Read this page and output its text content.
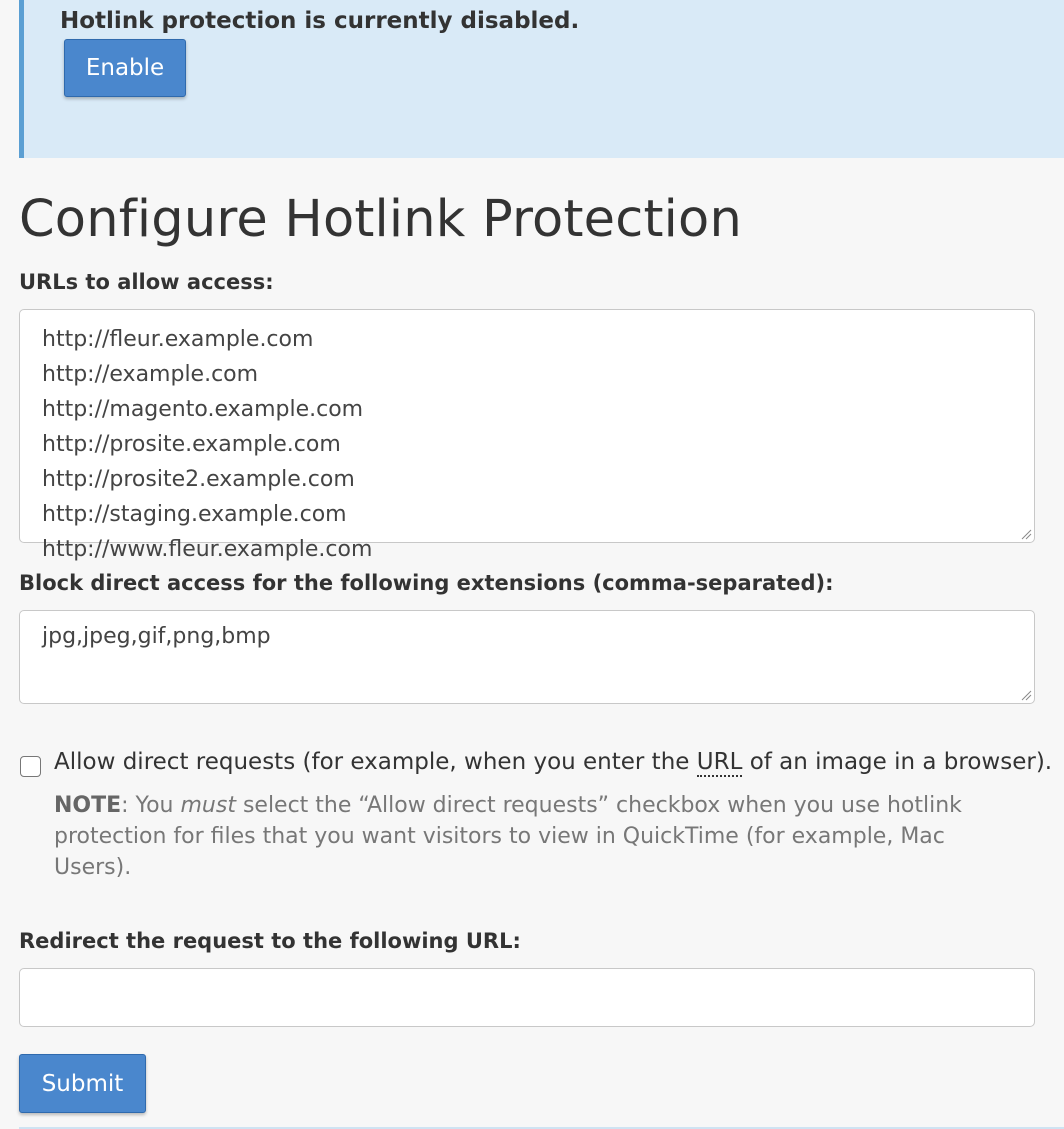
Hotlink protection is currently disabled.
Enable
Configure Hotlink Protection
URLs to allow access:
http://fleur.example.com
http://example.com
http://magento.example.com
http://prosite.example.com
http://prosite2.example.com
http://staging.example.com
http://www.fleur.example.com
Block direct access for the following extensions (comma-separated):
jpg,jpeg,gif,png,bmp
Allow direct requests (for example, when you enter the URL of an image in a browser).
NOTE: You must select the “Allow direct requests” checkbox when you use hotlink protection for files that you want visitors to view in QuickTime (for example, Mac Users).
Redirect the request to the following URL:
Submit
